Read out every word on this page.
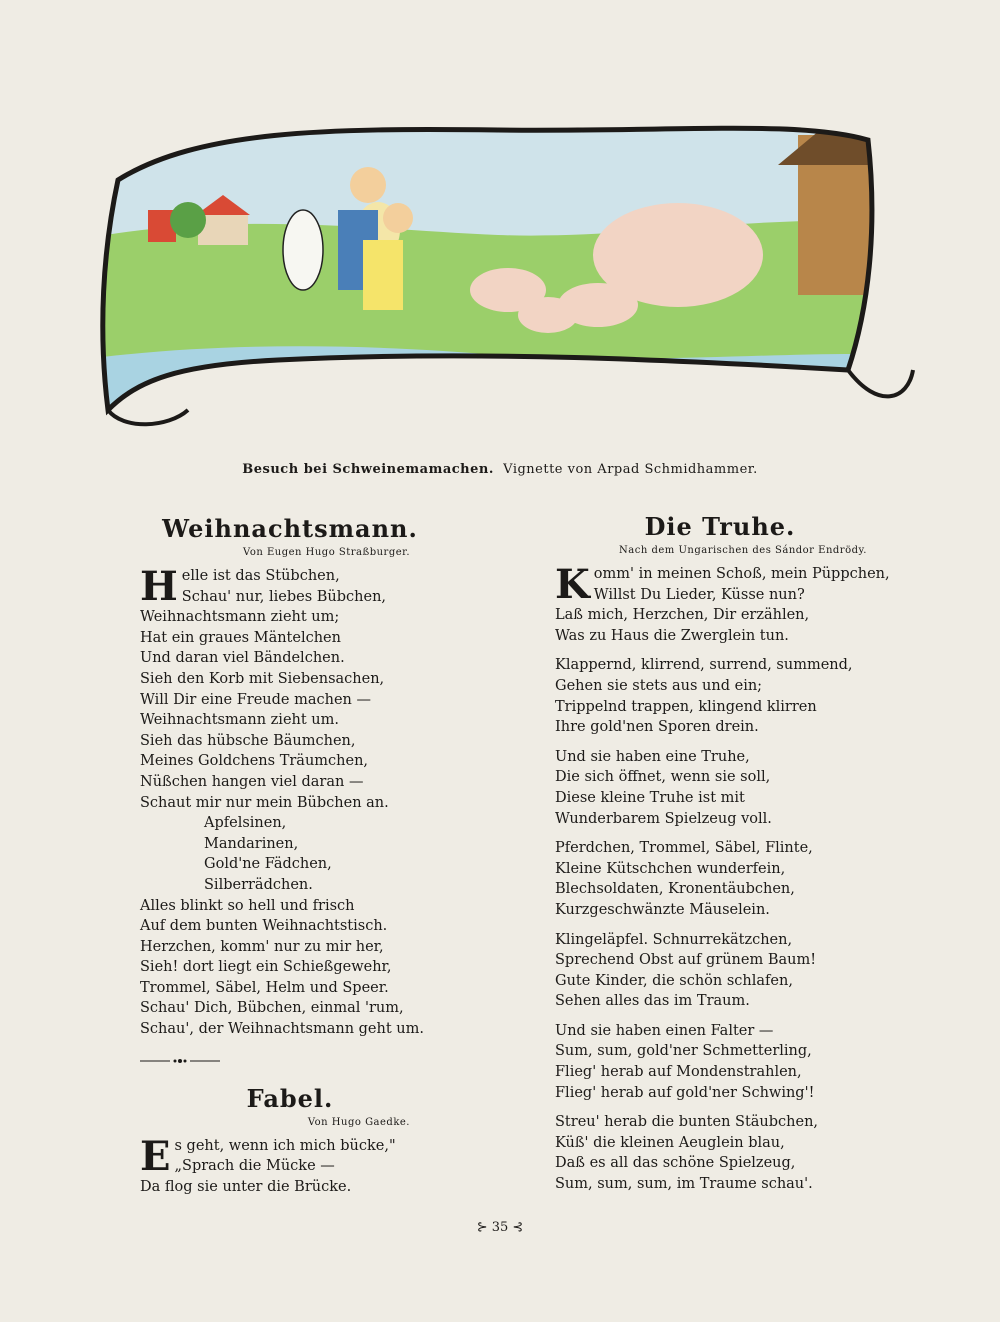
Besuch bei Schweinemamachen. Vignette von Arpad Schmidhammer.
Weihnachtsmann.
Von Eugen Hugo Straßburger.
H elle ist das Stübchen,
Schau' nur, liebes Bübchen,
Weihnachtsmann zieht um;
Hat ein graues Mäntelchen
Und daran viel Bändelchen.
Sieh den Korb mit Siebensachen,
Will Dir eine Freude machen —
Weihnachtsmann zieht um.
Sieh das hübsche Bäumchen,
Meines Goldchens Träumchen,
Nüßchen hangen viel daran —
Schaut mir nur mein Bübchen an.
Apfelsinen,
Mandarinen,
Gold'ne Fädchen,
Silberrädchen.
Alles blinkt so hell und frisch
Auf dem bunten Weihnachtstisch.
Herzchen, komm' nur zu mir her,
Sieh! dort liegt ein Schießgewehr,
Trommel, Säbel, Helm und Speer.
Schau' Dich, Bübchen, einmal 'rum,
Schau', der Weihnachtsmann geht um.
Fabel.
Von Hugo Gaedke.
E s geht, wenn ich mich bücke,"
„Sprach die Mücke —
Da flog sie unter die Brücke.
Die Truhe.
Nach dem Ungarischen des Sándor Endrödy.
K omm' in meinen Schoß, mein Püppchen,
Willst Du Lieder, Küsse nun?
Laß mich, Herzchen, Dir erzählen,
Was zu Haus die Zwerglein tun.
Klappernd, klirrend, surrend, summend,
Gehen sie stets aus und ein;
Trippelnd trappen, klingend klirren
Ihre gold'nen Sporen drein.
Und sie haben eine Truhe,
Die sich öffnet, wenn sie soll,
Diese kleine Truhe ist mit
Wunderbarem Spielzeug voll.
Pferdchen, Trommel, Säbel, Flinte,
Kleine Kütschchen wunderfein,
Blechsoldaten, Kronentäubchen,
Kurzgeschwänzte Mäuselein.
Klingeläpfel. Schnurrekätzchen,
Sprechend Obst auf grünem Baum!
Gute Kinder, die schön schlafen,
Sehen alles das im Traum.
Und sie haben einen Falter —
Sum, sum, gold'ner Schmetterling,
Flieg' herab auf Mondenstrahlen,
Flieg' herab auf gold'ner Schwing'!
Streu' herab die bunten Stäubchen,
Küß' die kleinen Aeuglein blau,
Daß es all das schöne Spielzeug,
Sum, sum, sum, im Traume schau'.
⊱ 35 ⊰
